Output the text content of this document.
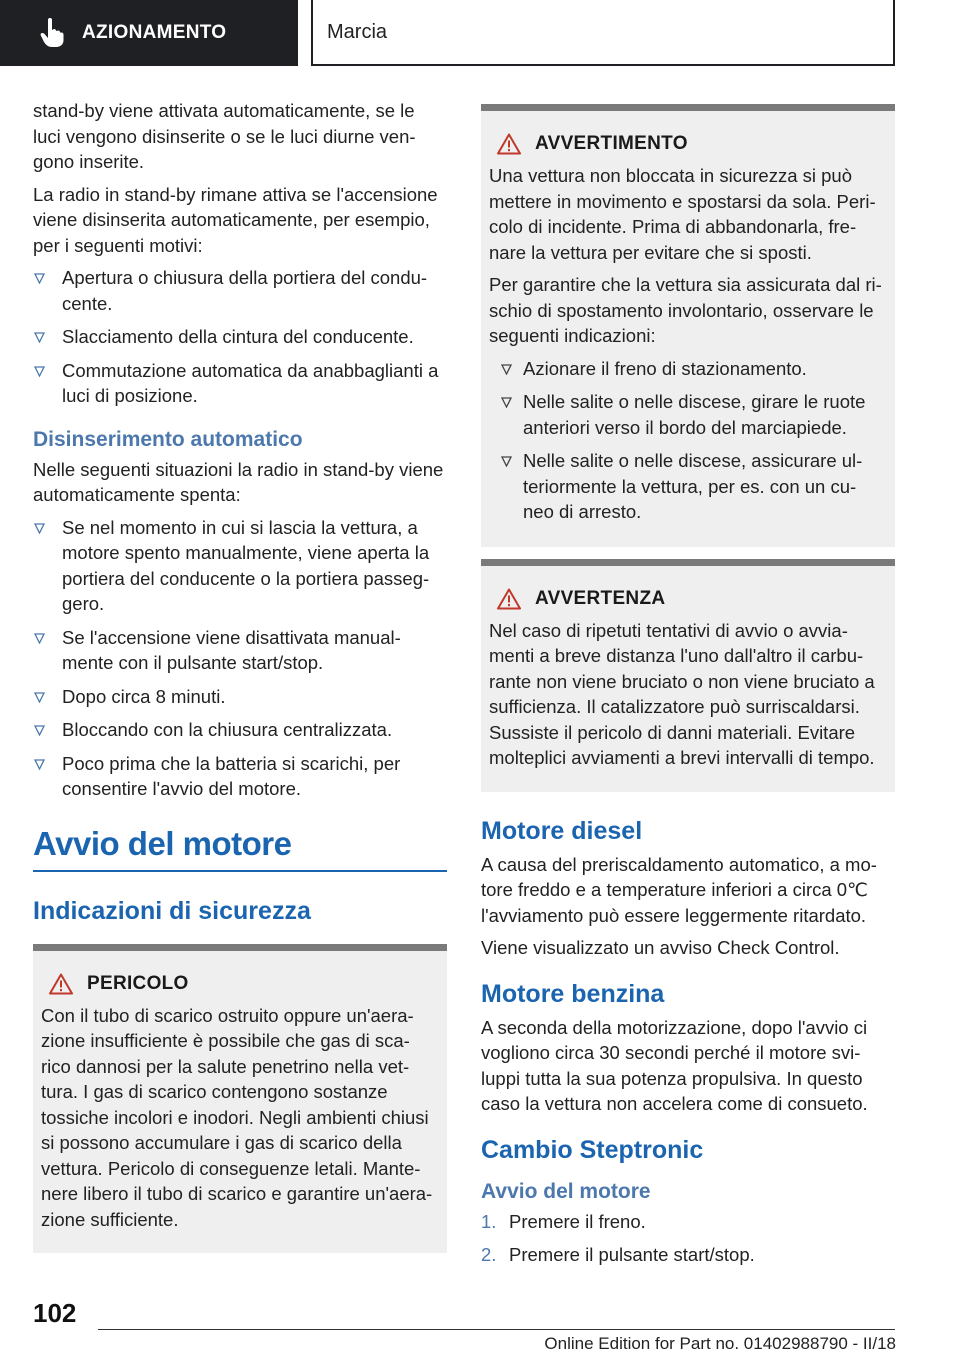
AZIONAMENTO	Marcia

stand-by viene attivata automaticamente, se le luci vengono disinserite o se le luci diurne ven‐ gono inserite.

La radio in stand-by rimane attiva se l'accensione viene disinserita automaticamente, per esempio, per i seguenti motivi:

Apertura o chiusura della portiera del condu‐ cente.
Slacciamento della cintura del conducente.
Commutazione automatica da anabbaglianti a luci di posizione.
Disinserimento automatico

Nelle seguenti situazioni la radio in stand-by viene automaticamente spenta:

Se nel momento in cui si lascia la vettura, a motore spento manualmente, viene aperta la portiera del conducente o la portiera passeg‐ gero.
Se l'accensione viene disattivata manual‐ mente con il pulsante start/stop.
Dopo circa 8 minuti.
Bloccando con la chiusura centralizzata.
Poco prima che la batteria si scarichi, per consentire l'avvio del motore.
Avvio del motore
Indicazioni di sicurezza
PERICOLO

Con il tubo di scarico ostruito oppure un'aera‐ zione insufficiente è possibile che gas di sca‐ rico dannosi per la salute penetrino nella vet‐ tura. I gas di scarico contengono sostanze tossiche incolori e inodori. Negli ambienti chiusi si possono accumulare i gas di scarico della vettura. Pericolo di conseguenze letali. Mante‐ nere libero il tubo di scarico e garantire un'aera‐ zione sufficiente.

AVVERTIMENTO

Una vettura non bloccata in sicurezza si può mettere in movimento e spostarsi da sola. Peri‐ colo di incidente. Prima di abbandonarla, fre‐ nare la vettura per evitare che si sposti.

Per garantire che la vettura sia assicurata dal ri‐ schio di spostamento involontario, osservare le seguenti indicazioni:

Azionare il freno di stazionamento.
Nelle salite o nelle discese, girare le ruote anteriori verso il bordo del marciapiede.
Nelle salite o nelle discese, assicurare ul‐ teriormente la vettura, per es. con un cu‐ neo di arresto.
AVVERTENZA

Nel caso di ripetuti tentativi di avvio o avvia‐ menti a breve distanza l'uno dall'altro il carbu‐ rante non viene bruciato o non viene bruciato a sufficienza. Il catalizzatore può surriscaldarsi. Sussiste il pericolo di danni materiali. Evitare molteplici avviamenti a brevi intervalli di tempo.

Motore diesel

A causa del preriscaldamento automatico, a mo‐ tore freddo e a temperature inferiori a circa 0℃ l'avviamento può essere leggermente ritardato.

Viene visualizzato un avviso Check Control.

Motore benzina

A seconda della motorizzazione, dopo l'avvio ci vogliono circa 30 secondi perché il motore svi‐ luppi tutta la sua potenza propulsiva. In questo caso la vettura non accelera come di consueto.

Cambio Steptronic
Avvio del motore
1. Premere il freno.
2. Premere il pulsante start/stop.
102
Online Edition for Part no. 01402988790 - II/18
